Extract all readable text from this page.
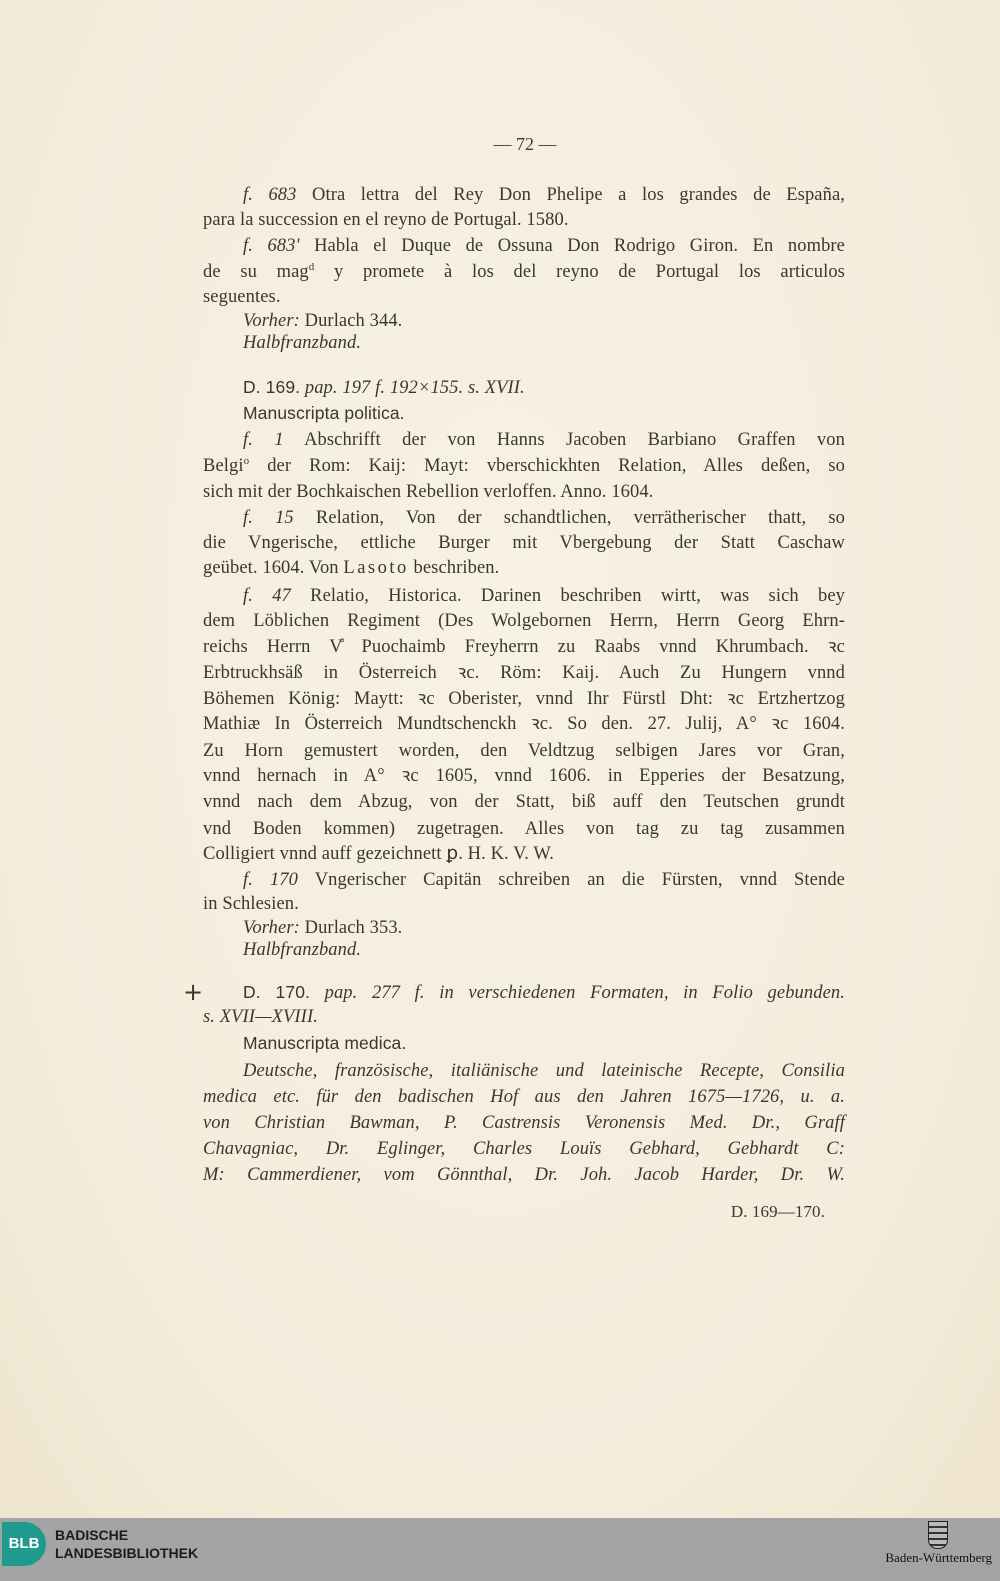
— 72 —
f. 683 Otra lettra del Rey Don Phelipe a los grandes de España,
para la succession en el reyno de Portugal. 1580.
f. 683' Habla el Duque de Ossuna Don Rodrigo Giron. En nombre
de su mag$^d$ y promete à los del reyno de Portugal los articulos
seguentes.
Vorher: Durlach 344.
Halbfranzband.
D. 169. pap. 197 f. 192×155. s. XVII.
Manuscripta politica.
f. 1 Abschrifft der von Hanns Jacoben Barbiano Graffen von
Belgi$^o$ der Rom: Kaij: Mayt: vberschickhten Relation, Alles deßen, so
sich mit der Bochkaischen Rebellion verloffen. Anno. 1604.
f. 15 Relation, Von der schandtlichen, verrätherischer thatt, so
die Vngerische, ettliche Burger mit Vbergebung der Statt Caschaw
geübet. 1604. Von Lasoto beschriben.
f. 47 Relatio, Historica. Darinen beschriben wirtt, was sich bey
dem Löblichen Regiment (Des Wolgebornen Herrn, Herrn Georg Ehrn-
reichs Herrn V̊ Puochaimb Freyherrn zu Raabs vnnd Khrumbach. ꝛc
Erbtruckhsäß in Österreich ꝛc. Röm: Kaij. Auch Zu Hungern vnnd
Böhemen König: Maytt: ꝛc Oberister, vnnd Ihr Fürstl Dht: ꝛc Ertzhertzog
Mathiæ In Österreich Mundtschenckh ꝛc. So den. 27. Julij, A° ꝛc 1604.
Zu Horn gemustert worden, den Veldtzug selbigen Jares vor Gran,
vnnd hernach in A° ꝛc 1605, vnnd 1606. in Epperies der Besatzung,
vnnd nach dem Abzug, von der Statt, biß auff den Teutschen grundt
vnd Boden kommen) zugetragen. Alles von tag zu tag zusammen
Colligiert vnnd auff gezeichnett ꝑ. H. K. V. W.
f. 170 Vngerischer Capitän schreiben an die Fürsten, vnnd Stende
in Schlesien.
Vorher: Durlach 353.
Halbfranzband.
+ D. 170. pap. 277 f. in verschiedenen Formaten, in Folio gebunden.
s. XVII—XVIII.
Manuscripta medica.
Deutsche, französische, italiänische und lateinische Recepte, Consilia
medica etc. für den badischen Hof aus den Jahren 1675—1726, u. a.
von Christian Bawman, P. Castrensis Veronensis Med. Dr., Graff
Chavagniac, Dr. Eglinger, Charles Louïs Gebhard, Gebhardt C:
M: Cammerdiener, vom Gönnthal, Dr. Joh. Jacob Harder, Dr. W.
D. 169—170.
BLB	BADISCHE
LANDESBIBLIOTHEK	Baden-Württemberg
